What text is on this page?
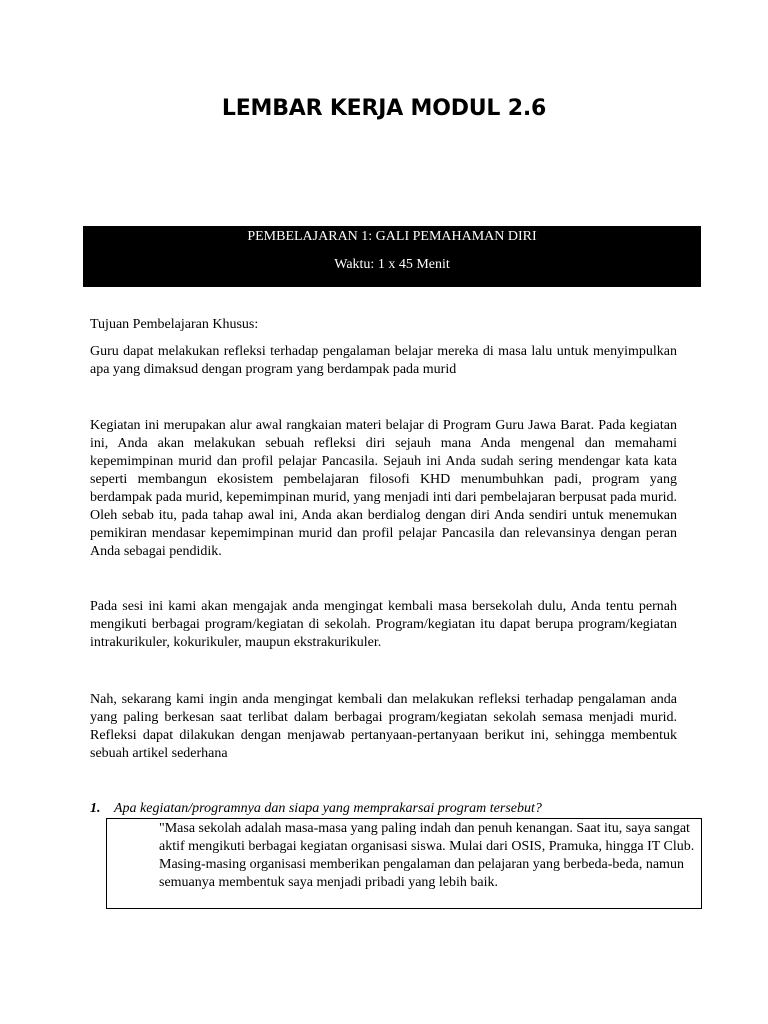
LEMBAR KERJA MODUL 2.6
PEMBELAJARAN 1: GALI PEMAHAMAN DIRI
Waktu: 1 x 45 Menit

Tujuan Pembelajaran Khusus:

Guru dapat melakukan refleksi terhadap pengalaman belajar mereka di masa lalu untuk menyimpulkan apa yang dimaksud dengan program yang berdampak pada murid

Kegiatan ini merupakan alur awal rangkaian materi belajar di Program Guru Jawa Barat. Pada kegiatan ini, Anda akan melakukan sebuah refleksi diri sejauh mana Anda mengenal dan memahami kepemimpinan murid dan profil pelajar Pancasila. Sejauh ini Anda sudah sering mendengar kata kata seperti membangun ekosistem pembelajaran filosofi KHD menumbuhkan padi, program yang berdampak pada murid, kepemimpinan murid, yang menjadi inti dari pembelajaran berpusat pada murid. Oleh sebab itu, pada tahap awal ini, Anda akan berdialog dengan diri Anda sendiri untuk menemukan pemikiran mendasar kepemimpinan murid dan profil pelajar Pancasila dan relevansinya dengan peran Anda sebagai pendidik.

Pada sesi ini kami akan mengajak anda mengingat kembali masa bersekolah dulu, Anda tentu pernah mengikuti berbagai program/kegiatan di sekolah. Program/kegiatan itu dapat berupa program/kegiatan intrakurikuler, kokurikuler, maupun ekstrakurikuler.

Nah, sekarang kami ingin anda mengingat kembali dan melakukan refleksi terhadap pengalaman anda yang paling berkesan saat terlibat dalam berbagai program/kegiatan sekolah semasa menjadi murid. Refleksi dapat dilakukan dengan menjawab pertanyaan-pertanyaan berikut ini, sehingga membentuk sebuah artikel sederhana

1. Apa kegiatan/programnya dan siapa yang memprakarsai program tersebut?

"Masa sekolah adalah masa-masa yang paling indah dan penuh kenangan. Saat itu, saya sangat aktif mengikuti berbagai kegiatan organisasi siswa. Mulai dari OSIS, Pramuka, hingga IT Club. Masing-masing organisasi memberikan pengalaman dan pelajaran yang berbeda-beda, namun semuanya membentuk saya menjadi pribadi yang lebih baik.
